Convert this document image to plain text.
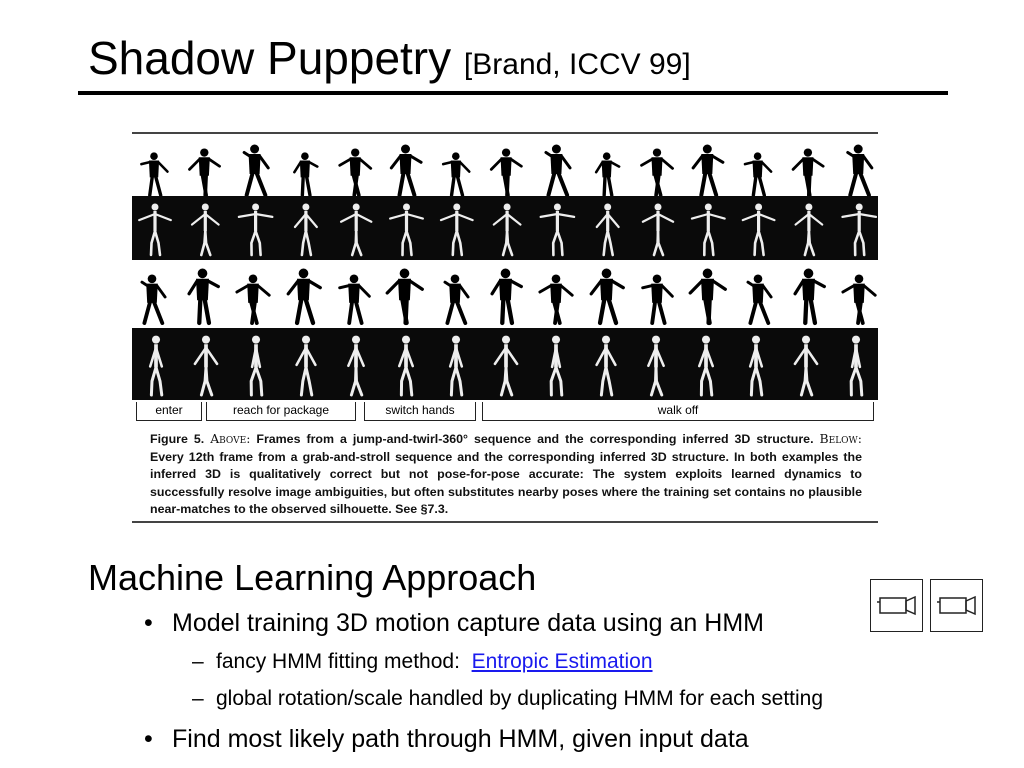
Shadow Puppetry [Brand, ICCV 99]
enter	reach for package	switch hands	walk off
Figure 5. Above: Frames from a jump-and-twirl-360° sequence and the corresponding inferred 3D structure. Below: Every 12th frame from a grab-and-stroll sequence and the corresponding inferred 3D structure. In both examples the inferred 3D is qualitatively correct but not pose-for-pose accurate: The system exploits learned dynamics to successfully resolve image ambiguities, but often substitutes nearby poses where the training set contains no plausible near-matches to the observed silhouette. See §7.3.
Machine Learning Approach
• Model training 3D motion capture data using an HMM
– fancy HMM fitting method: Entropic Estimation
– global rotation/scale handled by duplicating HMM for each setting
• Find most likely path through HMM, given input data
